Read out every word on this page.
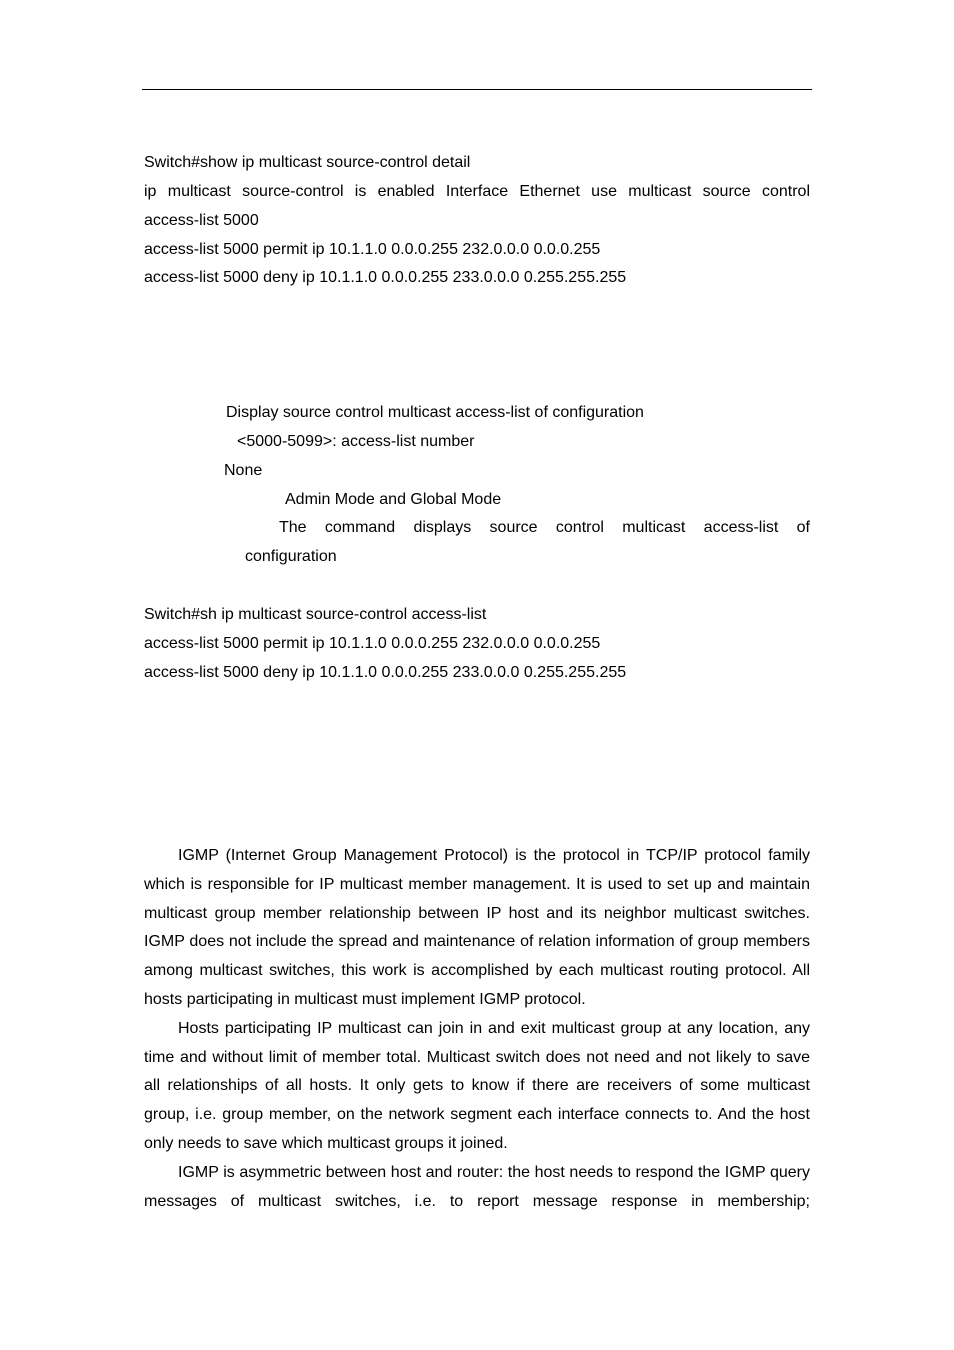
Switch#show ip multicast source-control detail
ip multicast source-control is enabled Interface Ethernet use multicast source control
access-list 5000
access-list 5000 permit ip 10.1.1.0 0.0.0.255 232.0.0.0 0.0.0.255
access-list 5000 deny ip 10.1.1.0 0.0.0.255 233.0.0.0 0.255.255.255
Display source control multicast access-list of configuration
<5000-5099>: access-list number
None
Admin Mode and Global Mode
The command displays source control multicast access-list of
configuration
Switch#sh ip multicast source-control access-list
access-list 5000 permit ip 10.1.1.0 0.0.0.255 232.0.0.0 0.0.0.255
access-list 5000 deny ip 10.1.1.0 0.0.0.255 233.0.0.0 0.255.255.255

IGMP (Internet Group Management Protocol) is the protocol in TCP/IP protocol family which is responsible for IP multicast member management. It is used to set up and maintain multicast group member relationship between IP host and its neighbor multicast switches. IGMP does not include the spread and maintenance of relation information of group members among multicast switches, this work is accomplished by each multicast routing protocol. All hosts participating in multicast must implement IGMP protocol.

Hosts participating IP multicast can join in and exit multicast group at any location, any time and without limit of member total. Multicast switch does not need and not likely to save all relationships of all hosts. It only gets to know if there are receivers of some multicast group, i.e. group member, on the network segment each interface connects to. And the host only needs to save which multicast groups it joined.

IGMP is asymmetric between host and router: the host needs to respond the IGMP query messages of multicast switches, i.e. to report message response in membership;
